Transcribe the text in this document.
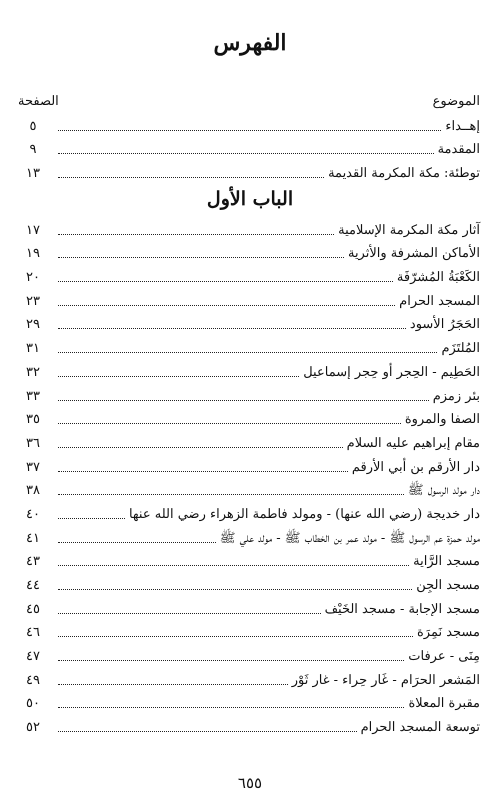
الفهرس
الموضوع
الصفحة
إهــداء
٥
المقدمة
٩
توطئة: مكة المكرمة القديمة
١٣
الباب الأول
آثار مكة المكرمة الإسلامية
١٧
الأماكن المشرفة والأثرية
١٩
الكَعْبَةُ المُشرّفَة
٢٠
المسجد الحرام
٢٣
الحَجَرُ الأسود
٢٩
المُلتَزَم
٣١
الحَطِيم - الحِجر أو حِجر إسماعيل
٣٢
بئر زمزم
٣٣
الصفا والمروة
٣٥
مقام إبراهيم عليه السلام
٣٦
دار الأرقم بن أبي الأرقم
٣٧
دار مولد الرسول ﷺ
٣٨
دار خديجة (رضي الله عنها) - ومولد فاطمة الزهراء رضي الله عنها
٤٠
مولد حمزة عم الرسول ﷺ - مولد عمر بن الخطاب ﷺ - مولد علي ﷺ
٤١
مسجد الرَّاية
٤٣
مسجد الجِن
٤٤
مسجد الإجابة - مسجد الخَيْف
٤٥
مسجد نَمِرَة
٤٦
مِنَى - عرفات
٤٧
المَشعر الحرَام - غَار حِراء - غار ثَوْر
٤٩
مقبرة المعلاة
٥٠
توسعة المسجد الحرام
٥٢
٦٥٥
